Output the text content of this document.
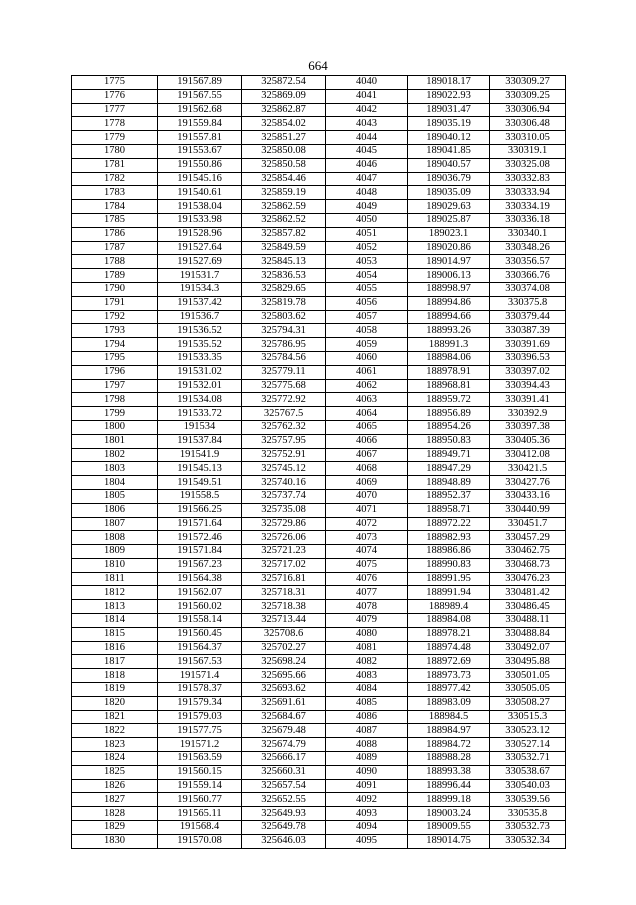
664
1775	191567.89	325872.54	4040	189018.17	330309.27
1776	191567.55	325869.09	4041	189022.93	330309.25
1777	191562.68	325862.87	4042	189031.47	330306.94
1778	191559.84	325854.02	4043	189035.19	330306.48
1779	191557.81	325851.27	4044	189040.12	330310.05
1780	191553.67	325850.08	4045	189041.85	330319.1
1781	191550.86	325850.58	4046	189040.57	330325.08
1782	191545.16	325854.46	4047	189036.79	330332.83
1783	191540.61	325859.19	4048	189035.09	330333.94
1784	191538.04	325862.59	4049	189029.63	330334.19
1785	191533.98	325862.52	4050	189025.87	330336.18
1786	191528.96	325857.82	4051	189023.1	330340.1
1787	191527.64	325849.59	4052	189020.86	330348.26
1788	191527.69	325845.13	4053	189014.97	330356.57
1789	191531.7	325836.53	4054	189006.13	330366.76
1790	191534.3	325829.65	4055	188998.97	330374.08
1791	191537.42	325819.78	4056	188994.86	330375.8
1792	191536.7	325803.62	4057	188994.66	330379.44
1793	191536.52	325794.31	4058	188993.26	330387.39
1794	191535.52	325786.95	4059	188991.3	330391.69
1795	191533.35	325784.56	4060	188984.06	330396.53
1796	191531.02	325779.11	4061	188978.91	330397.02
1797	191532.01	325775.68	4062	188968.81	330394.43
1798	191534.08	325772.92	4063	188959.72	330391.41
1799	191533.72	325767.5	4064	188956.89	330392.9
1800	191534	325762.32	4065	188954.26	330397.38
1801	191537.84	325757.95	4066	188950.83	330405.36
1802	191541.9	325752.91	4067	188949.71	330412.08
1803	191545.13	325745.12	4068	188947.29	330421.5
1804	191549.51	325740.16	4069	188948.89	330427.76
1805	191558.5	325737.74	4070	188952.37	330433.16
1806	191566.25	325735.08	4071	188958.71	330440.99
1807	191571.64	325729.86	4072	188972.22	330451.7
1808	191572.46	325726.06	4073	188982.93	330457.29
1809	191571.84	325721.23	4074	188986.86	330462.75
1810	191567.23	325717.02	4075	188990.83	330468.73
1811	191564.38	325716.81	4076	188991.95	330476.23
1812	191562.07	325718.31	4077	188991.94	330481.42
1813	191560.02	325718.38	4078	188989.4	330486.45
1814	191558.14	325713.44	4079	188984.08	330488.11
1815	191560.45	325708.6	4080	188978.21	330488.84
1816	191564.37	325702.27	4081	188974.48	330492.07
1817	191567.53	325698.24	4082	188972.69	330495.88
1818	191571.4	325695.66	4083	188973.73	330501.05
1819	191578.37	325693.62	4084	188977.42	330505.05
1820	191579.34	325691.61	4085	188983.09	330508.27
1821	191579.03	325684.67	4086	188984.5	330515.3
1822	191577.75	325679.48	4087	188984.97	330523.12
1823	191571.2	325674.79	4088	188984.72	330527.14
1824	191563.59	325666.17	4089	188988.28	330532.71
1825	191560.15	325660.31	4090	188993.38	330538.67
1826	191559.14	325657.54	4091	188996.44	330540.03
1827	191560.77	325652.55	4092	188999.18	330539.56
1828	191565.11	325649.93	4093	189003.24	330535.8
1829	191568.4	325649.78	4094	189009.55	330532.73
1830	191570.08	325646.03	4095	189014.75	330532.34
